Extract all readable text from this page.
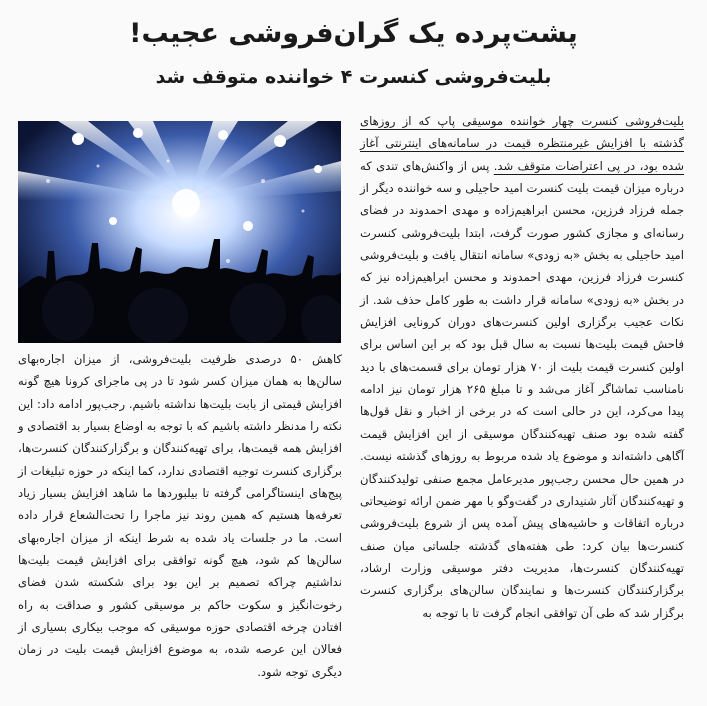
پشت‌پرده یک گران‌فروشی عجیب!
بلیت‌فروشی کنسرت ۴ خواننده متوقف شد

بلیت‌فروشی کنسرت چهار خواننده موسیقی پاپ که از روزهای گذشته با افزایش غیرمنتظره قیمت در سامانه‌های اینترنتی آغاز شده بود، در پی اعتراضات متوقف شد. پس از واکنش‌های تندی که درباره میزان قیمت بلیت کنسرت امید حاجیلی و سه خواننده دیگر از جمله فرزاد فرزین، محسن ابراهیم‌زاده و مهدی احمدوند در فضای رسانه‌ای و مجازی کشور صورت گرفت، ابتدا بلیت‌فروشی کنسرت امید حاجیلی به بخش «به زودی» سامانه انتقال یافت و بلیت‌فروشی کنسرت فرزاد فرزین، مهدی احمدوند و محسن ابراهیم‌زاده نیز که در بخش «به زودی» سامانه قرار داشت به طور کامل حذف شد. از نکات عجیب برگزاری اولین کنسرت‌های دوران کرونایی افزایش فاحش قیمت بلیت‌ها نسبت به سال قبل بود که بر این اساس برای اولین کنسرت قیمت بلیت از ۷۰ هزار تومان برای قسمت‌های با دید نامناسب تماشاگر آغاز می‌شد و تا مبلغ ۲۶۵ هزار تومان نیز ادامه پیدا می‌کرد، این در حالی است که در برخی از اخبار و نقل قول‌ها گفته شده بود صنف تهیه‌کنندگان موسیقی از این افزایش قیمت آگاهی داشته‌اند و موضوع یاد شده مربوط به روزهای گذشته نیست. در همین حال محسن رجب‌پور مدیرعامل مجمع صنفی تولیدکنندگان و تهیه‌کنندگان آثار شنیداری در گفت‌وگو با مهر ضمن ارائه توضیحاتی درباره اتفاقات و حاشیه‌های پیش آمده پس از شروع بلیت‌فروشی کنسرت‌ها بیان کرد: طی هفته‌های گذشته جلساتی میان صنف تهیه‌کنندگان کنسرت‌ها، مدیریت دفتر موسیقی وزارت ارشاد، برگزارکنندگان کنسرت‌ها و نمایندگان سالن‌های برگزاری کنسرت برگزار شد که طی آن توافقی انجام گرفت تا با توجه به

کاهش ۵۰ درصدی ظرفیت بلیت‌فروشی، از میزان اجاره‌بهای سالن‌ها به همان میزان کسر شود تا در پی ماجرای کرونا هیچ گونه افزایش قیمتی از بابت بلیت‌ها نداشته باشیم. رجب‌پور ادامه داد: این نکته را مدنظر داشته باشیم که با توجه به اوضاع بسیار بد اقتصادی و افزایش همه قیمت‌ها، برای تهیه‌کنندگان و برگزارکنندگان کنسرت‌ها، برگزاری کنسرت توجیه اقتصادی ندارد، کما اینکه در حوزه تبلیغات از پیج‌های اینستاگرامی گرفته تا بیلبوردها ما شاهد افزایش بسیار زیاد تعرفه‌ها هستیم که همین روند نیز ماجرا را تحت‌الشعاع قرار داده است. ما در جلسات یاد شده به شرط اینکه از میزان اجاره‌بهای سالن‌ها کم شود، هیچ گونه توافقی برای افزایش قیمت بلیت‌ها نداشتیم چراکه تصمیم بر این بود برای شکسته شدن فضای رخوت‌انگیز و سکوت حاکم بر موسیقی کشور و صداقت به راه افتادن چرخه اقتصادی حوزه موسیقی که موجب بیکاری بسیاری از فعالان این عرصه شده، به موضوع افزایش قیمت بلیت در زمان دیگری توجه شود.
